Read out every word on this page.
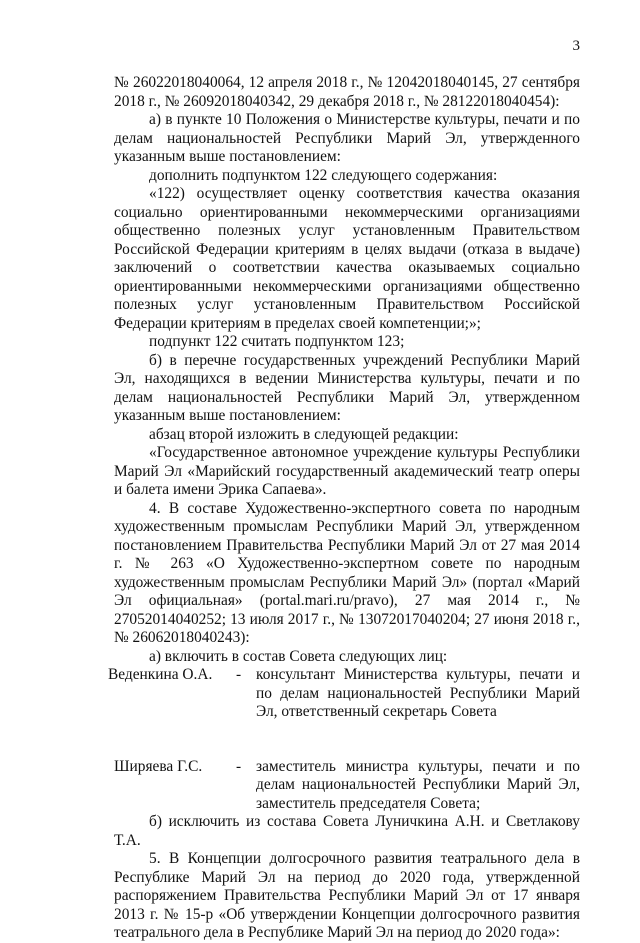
3

№ 26022018040064, 12 апреля 2018 г., № 12042018040145, 27 сентября 2018 г., № 26092018040342, 29 декабря 2018 г., № 28122018040454):

а) в пункте 10 Положения о Министерстве культуры, печати и по делам национальностей Республики Марий Эл, утвержденного указанным выше постановлением:

дополнить подпунктом 122 следующего содержания:

«122) осуществляет оценку соответствия качества оказания социально ориентированными некоммерческими организациями общественно полезных услуг установленным Правительством Российской Федерации критериям в целях выдачи (отказа в выдаче) заключений о соответствии качества оказываемых социально ориентированными некоммерческими организациями общественно полезных услуг установленным Правительством Российской Федерации критериям в пределах своей компетенции;»;

подпункт 122 считать подпунктом 123;

б) в перечне государственных учреждений Республики Марий Эл, находящихся в ведении Министерства культуры, печати и по делам национальностей Республики Марий Эл, утвержденном указанным выше постановлением:

абзац второй изложить в следующей редакции:

«Государственное автономное учреждение культуры Республики Марий Эл «Марийский государственный академический театр оперы и балета имени Эрика Сапаева».

4. В составе Художественно-экспертного совета по народным художественным промыслам Республики Марий Эл, утвержденном постановлением Правительства Республики Марий Эл от 27 мая 2014 г. № 263 «О Художественно-экспертном совете по народным художественным промыслам Республики Марий Эл» (портал «Марий Эл официальная» (portal.mari.ru/pravo), 27 мая 2014 г., № 27052014040252; 13 июля 2017 г., № 13072017040204; 27 июня 2018 г., № 26062018040243):

а) включить в состав Совета следующих лиц:

Веденкина О.А.	-	консультант Министерства культуры, печати и по делам национальностей Республики Марий Эл, ответственный секретарь Совета

Ширяева Г.С.	-	заместитель министра культуры, печати и по делам национальностей Республики Марий Эл, заместитель председателя Совета;

б) исключить из состава Совета Луничкина А.Н. и Светлакову Т.А.

5. В Концепции долгосрочного развития театрального дела в Республике Марий Эл на период до 2020 года, утвержденной распоряжением Правительства Республики Марий Эл от 17 января 2013 г. № 15-р «Об утверждении Концепции долгосрочного развития театрального дела в Республике Марий Эл на период до 2020 года»:
